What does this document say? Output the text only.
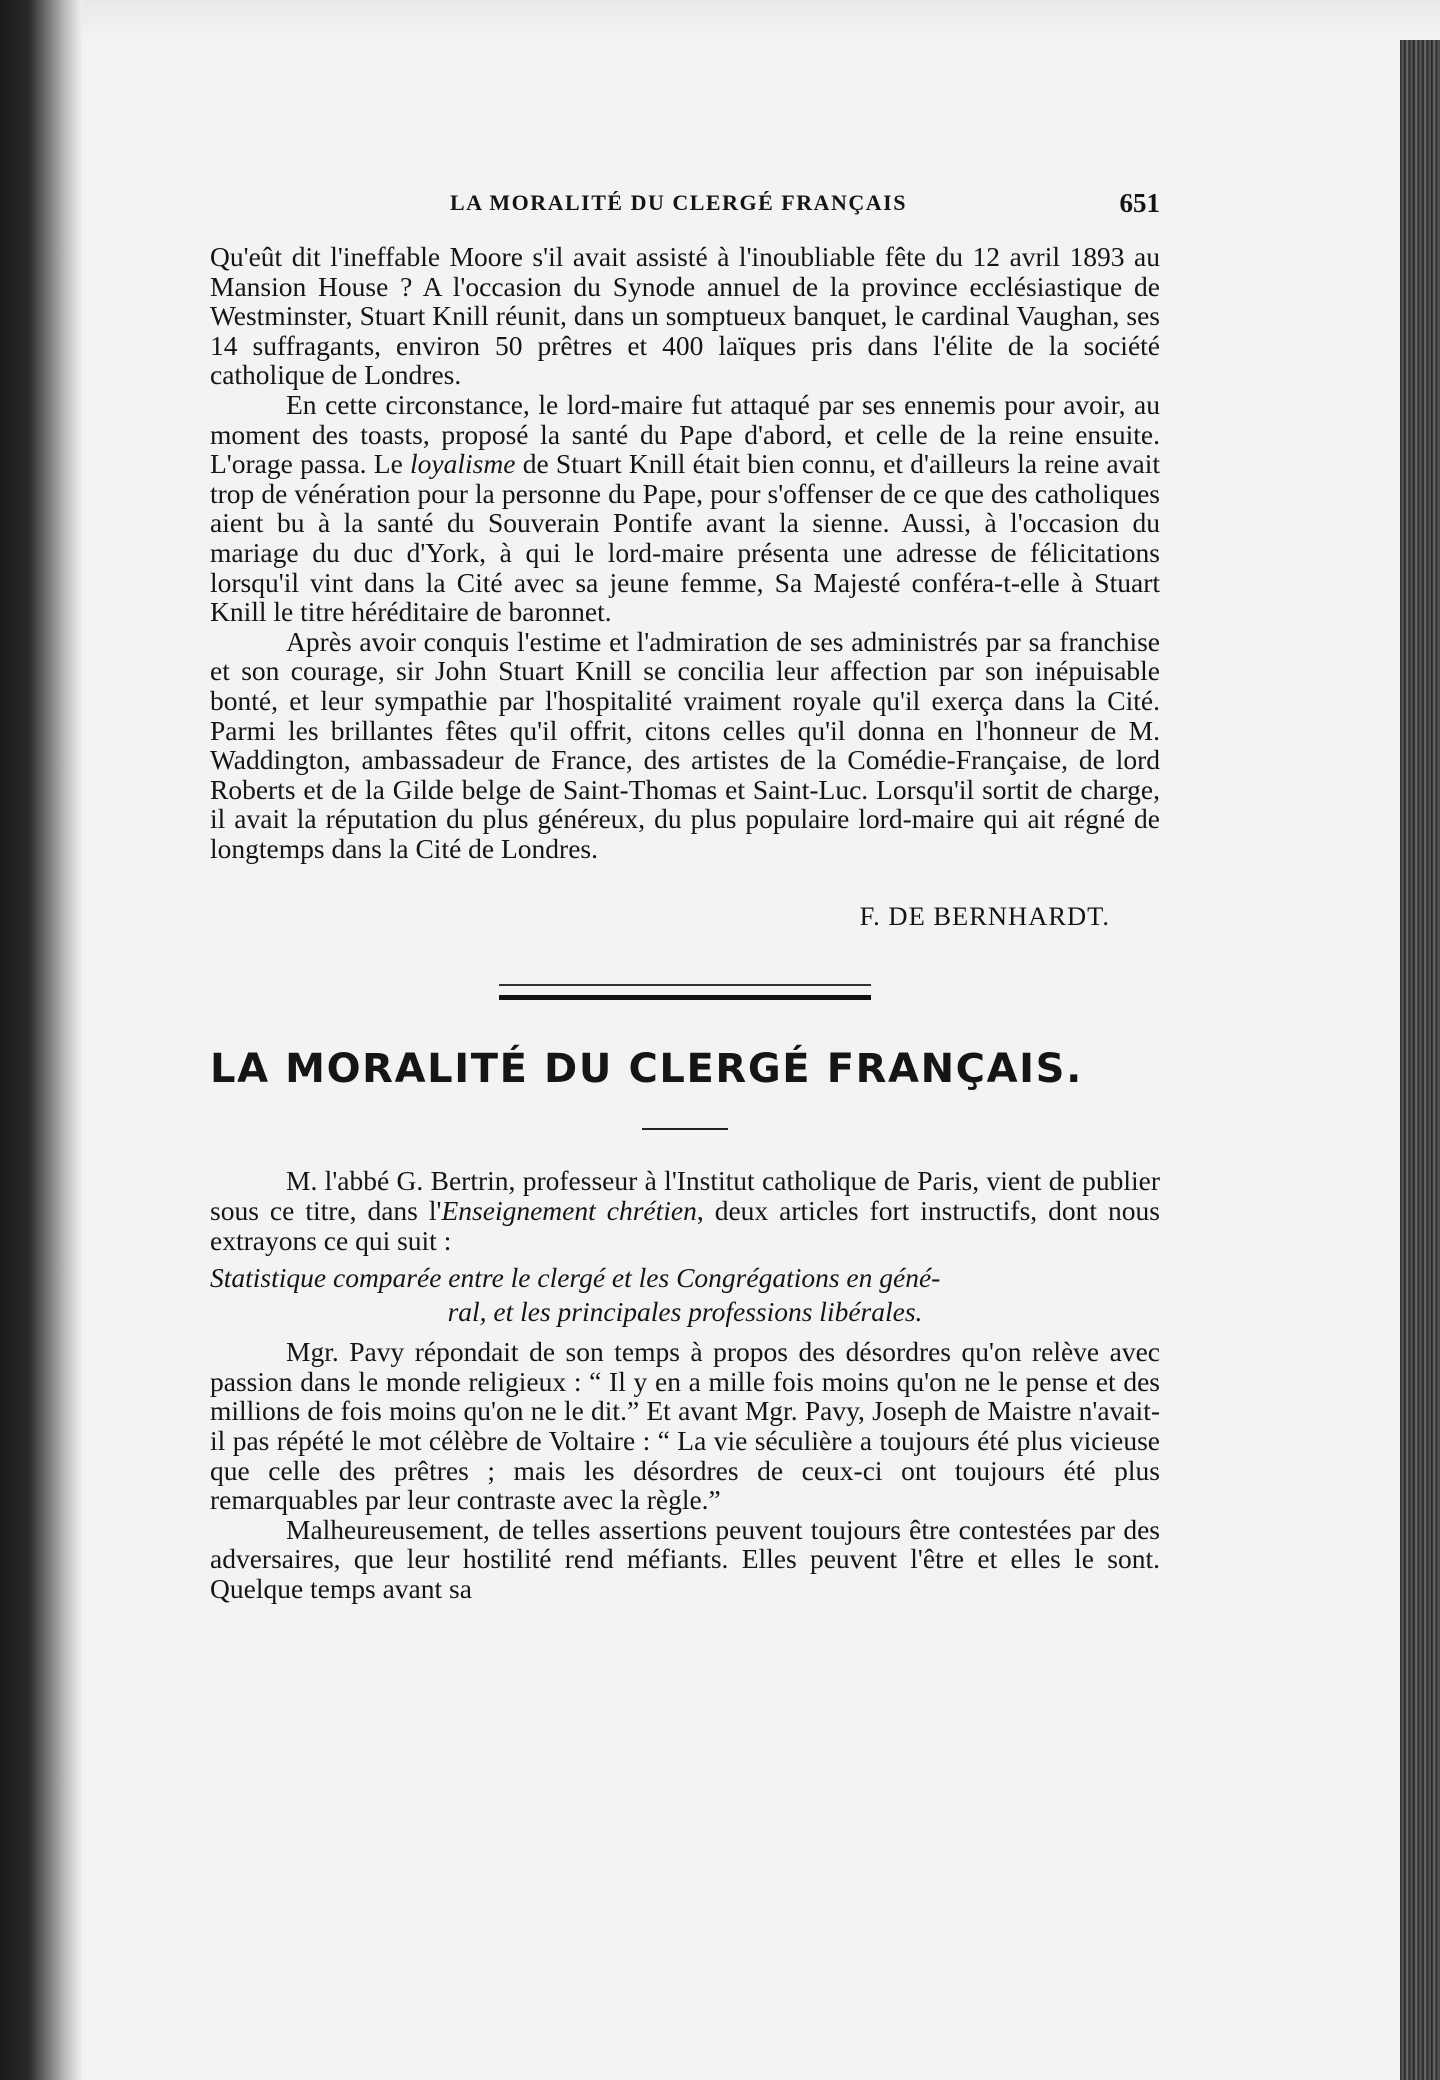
LA MORALITÉ DU CLERGÉ FRANÇAIS	651

Qu'eût dit l'ineffable Moore s'il avait assisté à l'inoubliable fête du 12 avril 1893 au Mansion House ? A l'occasion du Synode annuel de la province ecclésiastique de Westminster, Stuart Knill réunit, dans un somptueux banquet, le cardinal Vaughan, ses 14 suffragants, environ 50 prêtres et 400 laïques pris dans l'élite de la société catholique de Londres.

En cette circonstance, le lord-maire fut attaqué par ses ennemis pour avoir, au moment des toasts, proposé la santé du Pape d'abord, et celle de la reine ensuite. L'orage passa. Le loyalisme de Stuart Knill était bien connu, et d'ailleurs la reine avait trop de vénération pour la personne du Pape, pour s'offenser de ce que des catholiques aient bu à la santé du Souverain Pontife avant la sienne. Aussi, à l'occasion du mariage du duc d'York, à qui le lord-maire présenta une adresse de félicitations lorsqu'il vint dans la Cité avec sa jeune femme, Sa Majesté conféra-t-elle à Stuart Knill le titre héréditaire de baronnet.

Après avoir conquis l'estime et l'admiration de ses administrés par sa franchise et son courage, sir John Stuart Knill se concilia leur affection par son inépuisable bonté, et leur sympathie par l'hospitalité vraiment royale qu'il exerça dans la Cité. Parmi les brillantes fêtes qu'il offrit, citons celles qu'il donna en l'honneur de M. Waddington, ambassadeur de France, des artistes de la Comédie-Française, de lord Roberts et de la Gilde belge de Saint-Thomas et Saint-Luc. Lorsqu'il sortit de charge, il avait la réputation du plus généreux, du plus populaire lord-maire qui ait régné de longtemps dans la Cité de Londres.

F. DE BERNHARDT.
LA MORALITÉ DU CLERGÉ FRANÇAIS.

M. l'abbé G. Bertrin, professeur à l'Institut catholique de Paris, vient de publier sous ce titre, dans l'Enseignement chrétien, deux articles fort instructifs, dont nous extrayons ce qui suit :

Statistique comparée entre le clergé et les Congrégations en géné-
ral, et les principales professions libérales.

Mgr. Pavy répondait de son temps à propos des désordres qu'on relève avec passion dans le monde religieux : “ Il y en a mille fois moins qu'on ne le pense et des millions de fois moins qu'on ne le dit.” Et avant Mgr. Pavy, Joseph de Maistre n'avait-il pas répété le mot célèbre de Voltaire : “ La vie séculière a toujours été plus vicieuse que celle des prêtres ; mais les désordres de ceux-ci ont toujours été plus remarquables par leur contraste avec la règle.”

Malheureusement, de telles assertions peuvent toujours être contestées par des adversaires, que leur hostilité rend méfiants. Elles peuvent l'être et elles le sont. Quelque temps avant sa
